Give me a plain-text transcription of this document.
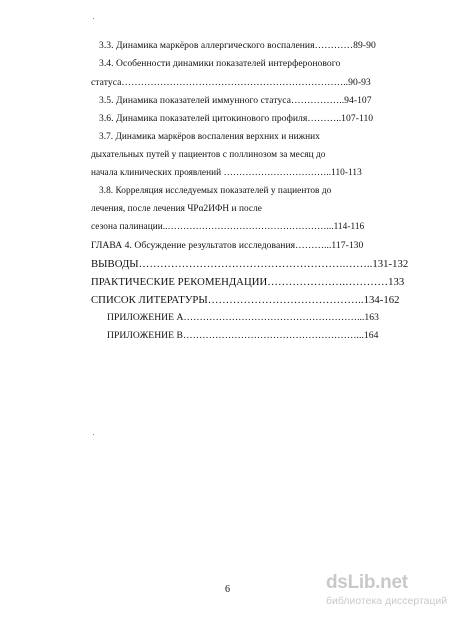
3.3. Динамика маркёров аллергического воспаления…………89-90
3.4. Особенности динамики показателей интерферонового
статуса……………………………………………………………..90-93
3.5. Динамика показателей иммунного статуса……………..94-107
3.6. Динамика показателей цитокинового профиля………..107-110
3.7. Динамика маркёров воспаления верхних и нижних
дыхательных путей у пациентов с поллинозом за месяц до
начала клинических проявлений ……………………………..110-113
3.8. Корреляция исследуемых показателей у пациентов до
лечения, после лечения ЧРα2ИФН и после
сезона палинации..……………………………………………...114-116
ГЛАВА 4. Обсуждение результатов исследования………...117-130
ВЫВОДЫ………………………………………………….……..131-132
ПРАКТИЧЕСКИЕ РЕКОМЕНДАЦИИ………………….…………133
СПИСОК ЛИТЕРАТУРЫ……………………………………..134-162
ПРИЛОЖЕНИЕ А………………………………………………...163
ПРИЛОЖЕНИЕ В………………………………………………...164
6	dsLib.net
библиотека диссертаций
